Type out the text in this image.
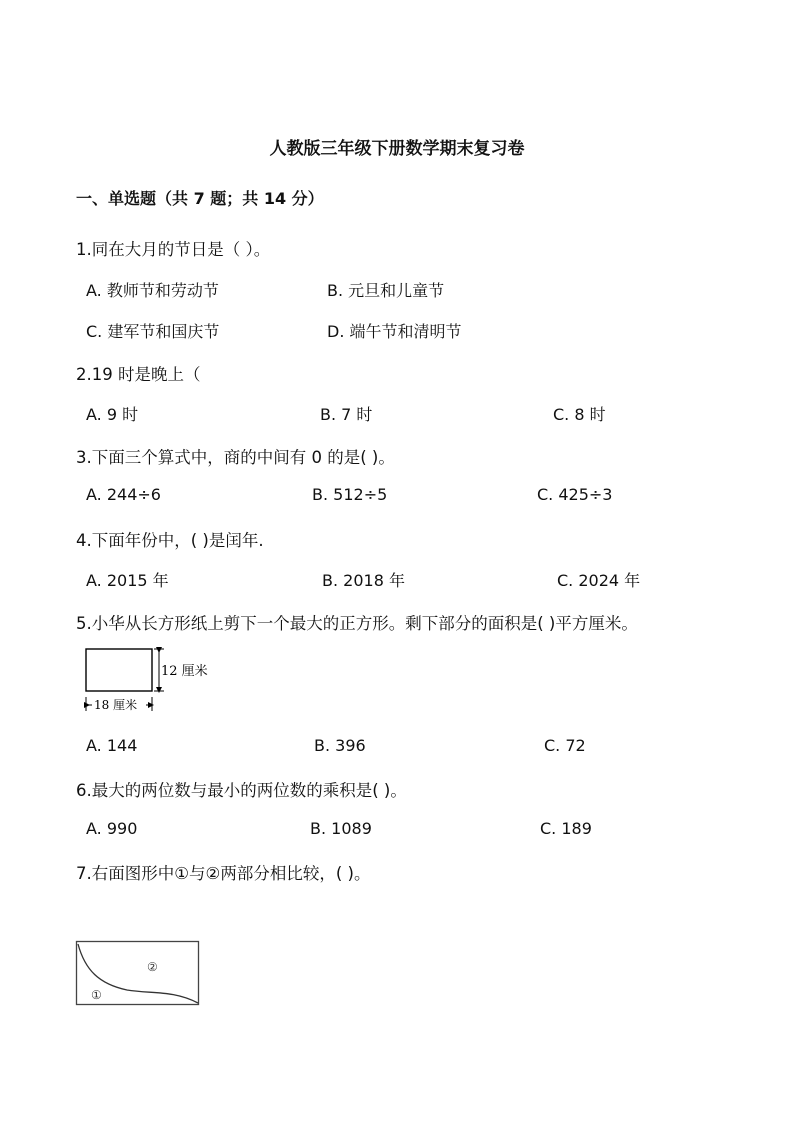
人教版三年级下册数学期末复习卷
一、单选题（共 7 题；共 14 分）
1.同在大月的节日是（ ）。
A. 教师节和劳动节	B. 元旦和儿童节
C. 建军节和国庆节	D. 端午节和清明节
2.19 时是晚上（
A. 9 时	B. 7 时	C. 8 时
3.下面三个算式中，商的中间有 0 的是( )。
A. 244÷6	B. 512÷5	C. 425÷3
4.下面年份中，( )是闰年.
A. 2015 年	B. 2018 年	C. 2024 年
5.小华从长方形纸上剪下一个最大的正方形。剩下部分的面积是( )平方厘米。
12 厘米
18 厘米
A. 144	B. 396	C. 72
6.最大的两位数与最小的两位数的乘积是( )。
A. 990	B. 1089	C. 189
7.右面图形中①与②两部分相比较，( )。
②
①
